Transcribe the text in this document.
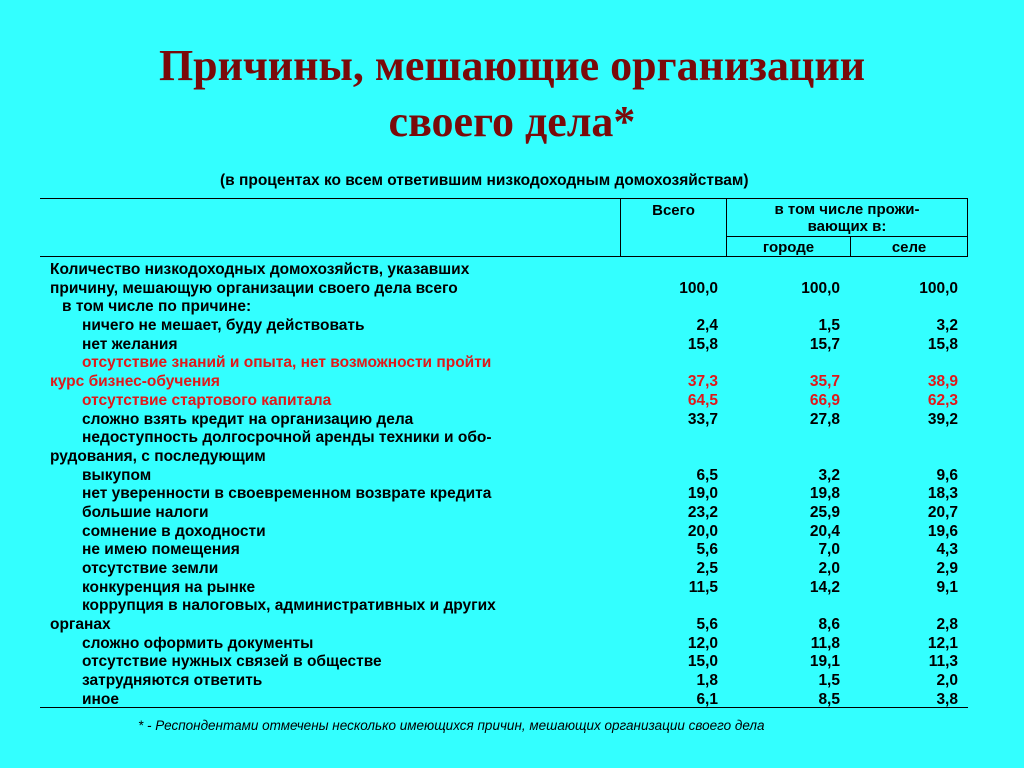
Причины, мешающие организации
своего дела*
(в процентах ко всем ответившим низкодоходным домохозяйствам)
Всего	в том числе прожи-
вающих в:
городе	селе
Количество низкодоходных домохозяйств, указавших
причину, мешающую организации своего дела всего	100,0	100,0	100,0
в том числе по причине:
ничего не мешает, буду действовать	2,4	1,5	3,2
нет желания	15,8	15,7	15,8
отсутствие знаний и опыта, нет возможности пройти
курс бизнес-обучения	37,3	35,7	38,9
отсутствие стартового капитала	64,5	66,9	62,3
сложно взять кредит на организацию дела	33,7	27,8	39,2
недоступность долгосрочной аренды техники и обо-
рудования, с последующим
выкупом	6,5	3,2	9,6
нет уверенности в своевременном возврате кредита	19,0	19,8	18,3
большие налоги	23,2	25,9	20,7
сомнение в доходности	20,0	20,4	19,6
не имею помещения	5,6	7,0	4,3
отсутствие земли	2,5	2,0	2,9
конкуренция на рынке	11,5	14,2	9,1
коррупция в налоговых, административных и других
органах	5,6	8,6	2,8
сложно оформить документы	12,0	11,8	12,1
отсутствие нужных связей в обществе	15,0	19,1	11,3
затрудняются ответить	1,8	1,5	2,0
иное	6,1	8,5	3,8
* - Респондентами отмечены несколько имеющихся причин, мешающих организации своего дела
